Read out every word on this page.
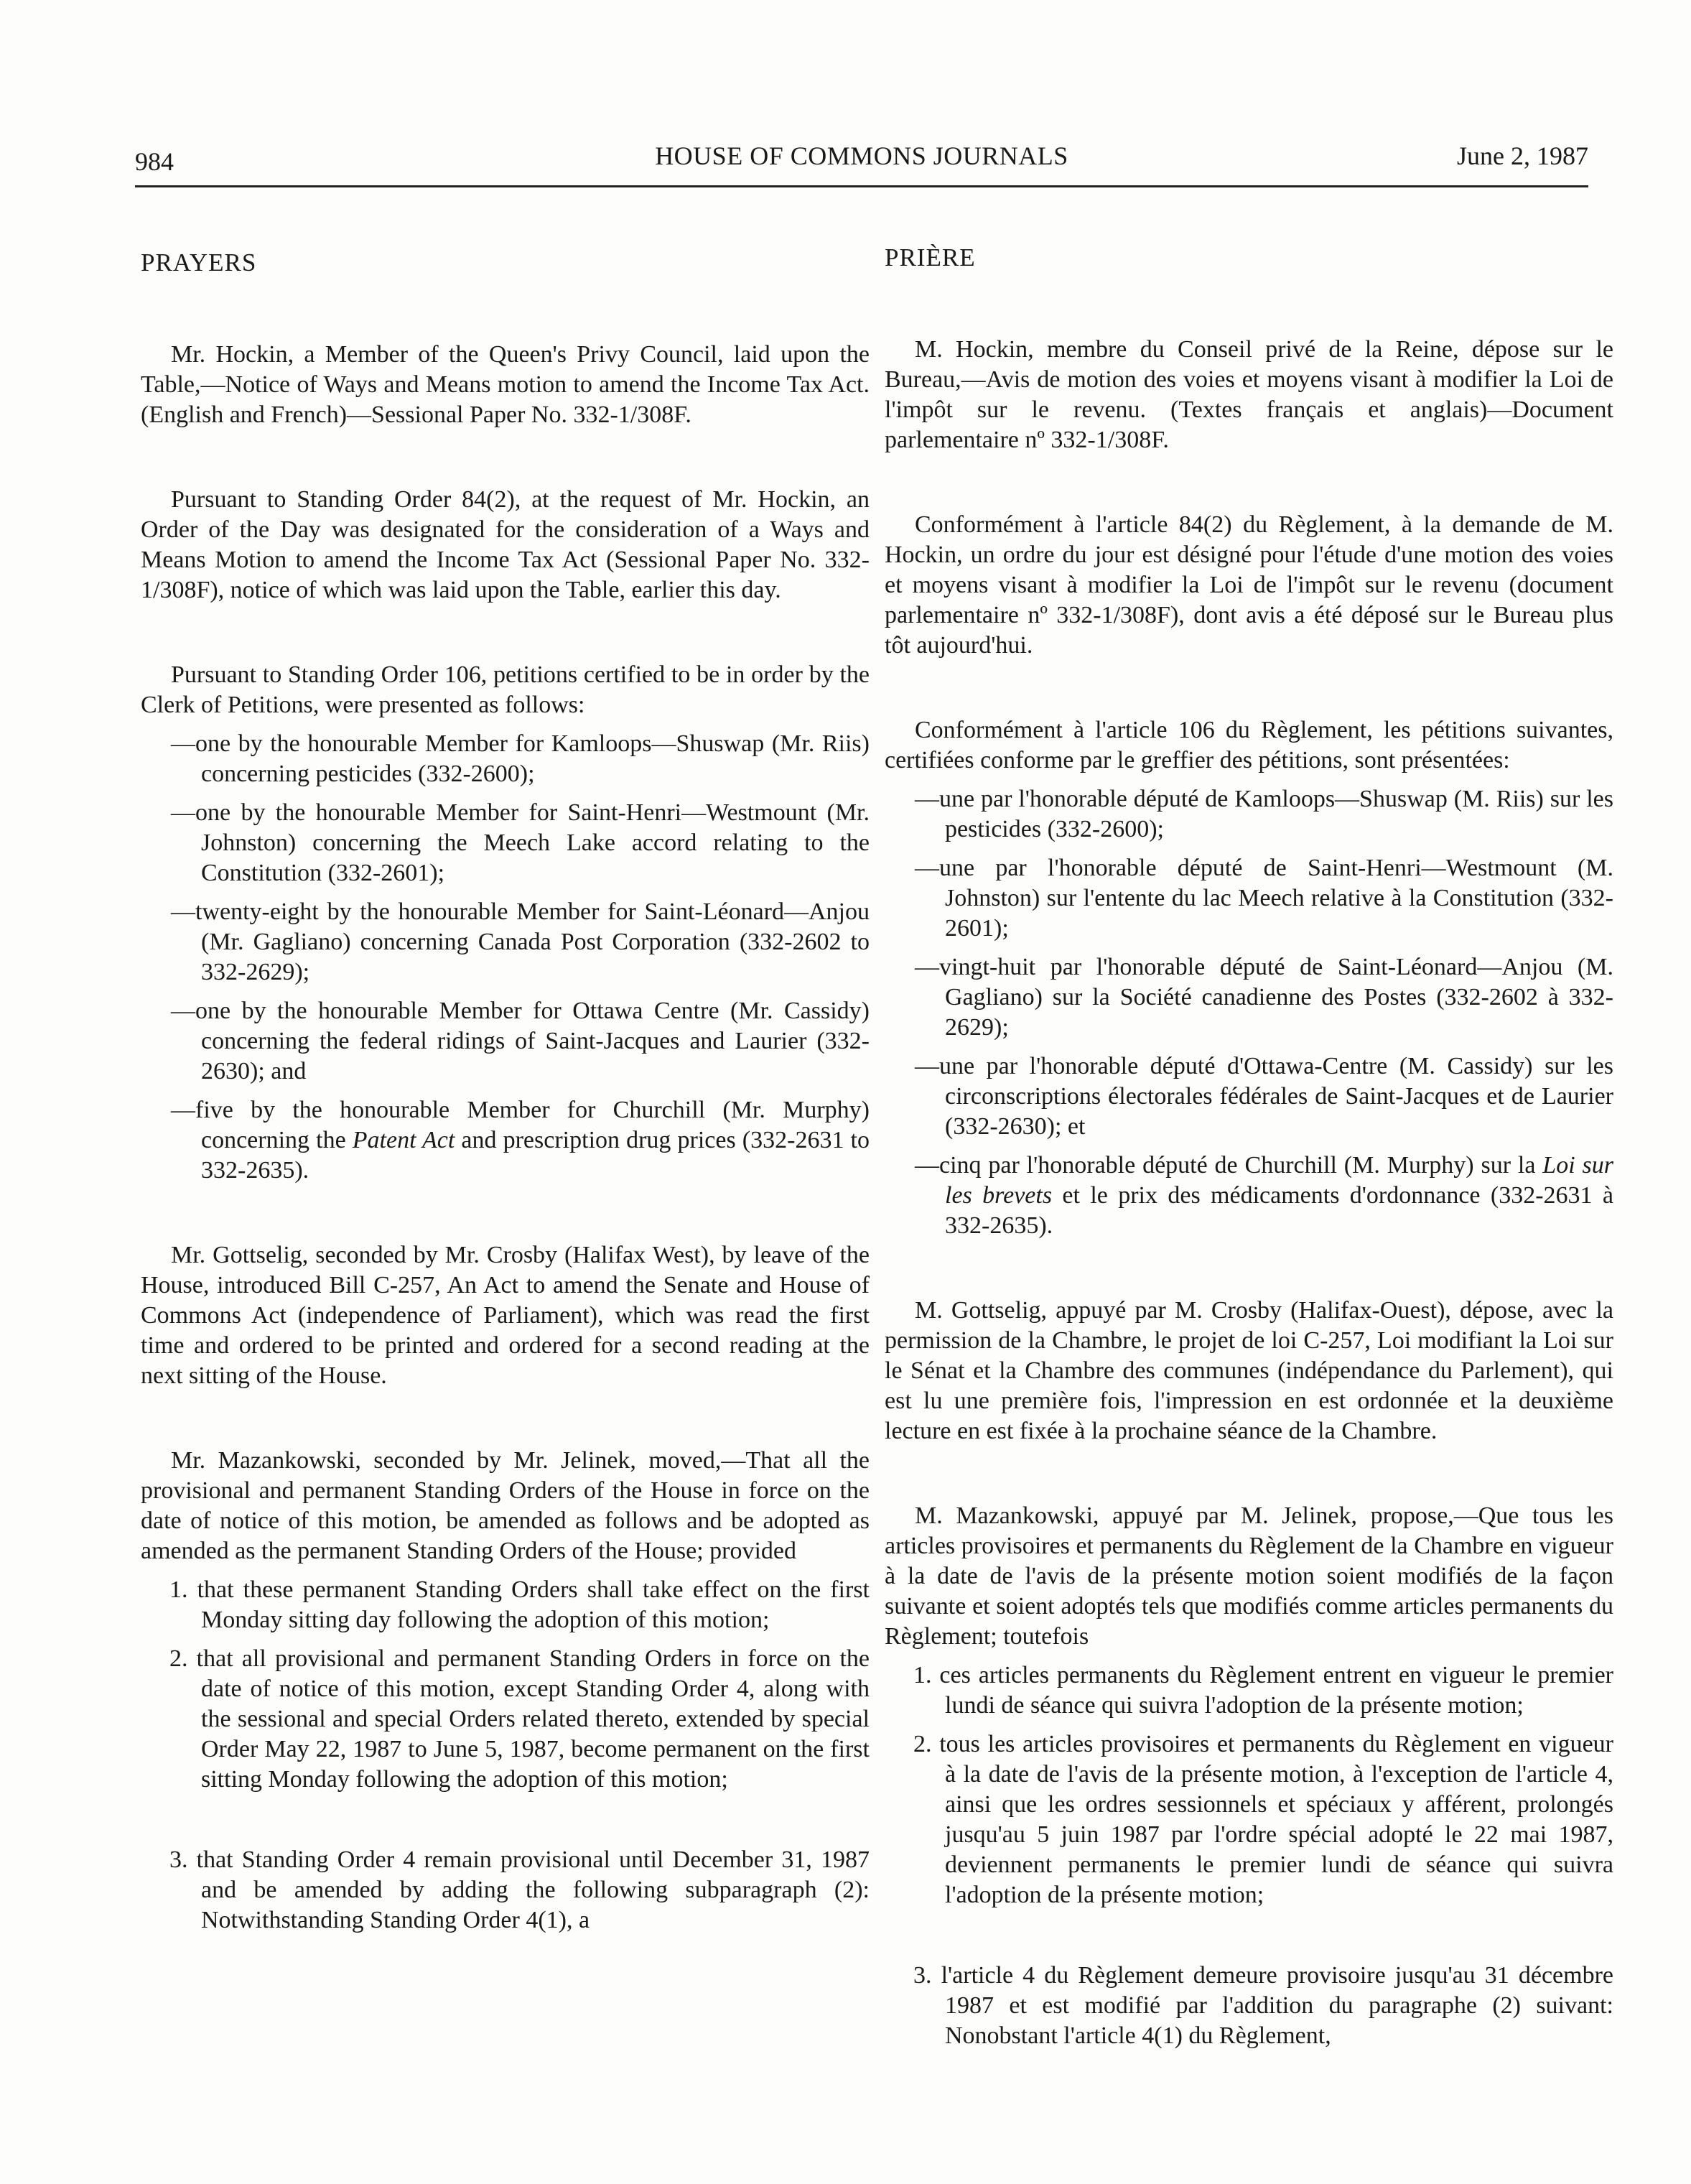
984	HOUSE OF COMMONS JOURNALS	June 2, 1987
PRAYERS

Mr. Hockin, a Member of the Queen's Privy Council, laid upon the Table,—Notice of Ways and Means motion to amend the Income Tax Act. (English and French)—Sessional Paper No. 332-1/308F.

Pursuant to Standing Order 84(2), at the request of Mr. Hockin, an Order of the Day was designated for the consideration of a Ways and Means Motion to amend the Income Tax Act (Sessional Paper No. 332-1/308F), notice of which was laid upon the Table, earlier this day.

Pursuant to Standing Order 106, petitions certified to be in order by the Clerk of Petitions, were presented as follows:

—one by the honourable Member for Kamloops—Shuswap (Mr. Riis) concerning pesticides (332-2600);

—one by the honourable Member for Saint-Henri—Westmount (Mr. Johnston) concerning the Meech Lake accord relating to the Constitution (332-2601);

—twenty-eight by the honourable Member for Saint-Léonard—Anjou (Mr. Gagliano) concerning Canada Post Corporation (332-2602 to 332-2629);

—one by the honourable Member for Ottawa Centre (Mr. Cassidy) concerning the federal ridings of Saint-Jacques and Laurier (332-2630); and

—five by the honourable Member for Churchill (Mr. Murphy) concerning the Patent Act and prescription drug prices (332-2631 to 332-2635).

Mr. Gottselig, seconded by Mr. Crosby (Halifax West), by leave of the House, introduced Bill C-257, An Act to amend the Senate and House of Commons Act (independence of Parliament), which was read the first time and ordered to be printed and ordered for a second reading at the next sitting of the House.

Mr. Mazankowski, seconded by Mr. Jelinek, moved,—That all the provisional and permanent Standing Orders of the House in force on the date of notice of this motion, be amended as follows and be adopted as amended as the permanent Standing Orders of the House; provided

1. that these permanent Standing Orders shall take effect on the first Monday sitting day following the adoption of this motion;

2. that all provisional and permanent Standing Orders in force on the date of notice of this motion, except Standing Order 4, along with the sessional and special Orders related thereto, extended by special Order May 22, 1987 to June 5, 1987, become permanent on the first sitting Monday following the adoption of this motion;

3. that Standing Order 4 remain provisional until December 31, 1987 and be amended by adding the following subparagraph (2): Notwithstanding Standing Order 4(1), a

PRIÈRE

M. Hockin, membre du Conseil privé de la Reine, dépose sur le Bureau,—Avis de motion des voies et moyens visant à modifier la Loi de l'impôt sur le revenu. (Textes français et anglais)—Document parlementaire nº 332-1/308F.

Conformément à l'article 84(2) du Règlement, à la demande de M. Hockin, un ordre du jour est désigné pour l'étude d'une motion des voies et moyens visant à modifier la Loi de l'impôt sur le revenu (document parlementaire nº 332-1/308F), dont avis a été déposé sur le Bureau plus tôt aujourd'hui.

Conformément à l'article 106 du Règlement, les pétitions suivantes, certifiées conforme par le greffier des pétitions, sont présentées:

—une par l'honorable député de Kamloops—Shuswap (M. Riis) sur les pesticides (332-2600);

—une par l'honorable député de Saint-Henri—Westmount (M. Johnston) sur l'entente du lac Meech relative à la Constitution (332-2601);

—vingt-huit par l'honorable député de Saint-Léonard—Anjou (M. Gagliano) sur la Société canadienne des Postes (332-2602 à 332-2629);

—une par l'honorable député d'Ottawa-Centre (M. Cassidy) sur les circonscriptions électorales fédérales de Saint-Jacques et de Laurier (332-2630); et

—cinq par l'honorable député de Churchill (M. Murphy) sur la Loi sur les brevets et le prix des médicaments d'ordonnance (332-2631 à 332-2635).

M. Gottselig, appuyé par M. Crosby (Halifax-Ouest), dépose, avec la permission de la Chambre, le projet de loi C-257, Loi modifiant la Loi sur le Sénat et la Chambre des communes (indépendance du Parlement), qui est lu une première fois, l'impression en est ordonnée et la deuxième lecture en est fixée à la prochaine séance de la Chambre.

M. Mazankowski, appuyé par M. Jelinek, propose,—Que tous les articles provisoires et permanents du Règlement de la Chambre en vigueur à la date de l'avis de la présente motion soient modifiés de la façon suivante et soient adoptés tels que modifiés comme articles permanents du Règlement; toutefois

1. ces articles permanents du Règlement entrent en vigueur le premier lundi de séance qui suivra l'adoption de la présente motion;

2. tous les articles provisoires et permanents du Règlement en vigueur à la date de l'avis de la présente motion, à l'exception de l'article 4, ainsi que les ordres sessionnels et spéciaux y afférent, prolongés jusqu'au 5 juin 1987 par l'ordre spécial adopté le 22 mai 1987, deviennent permanents le premier lundi de séance qui suivra l'adoption de la présente motion;

3. l'article 4 du Règlement demeure provisoire jusqu'au 31 décembre 1987 et est modifié par l'addition du paragraphe (2) suivant: Nonobstant l'article 4(1) du Règlement,
